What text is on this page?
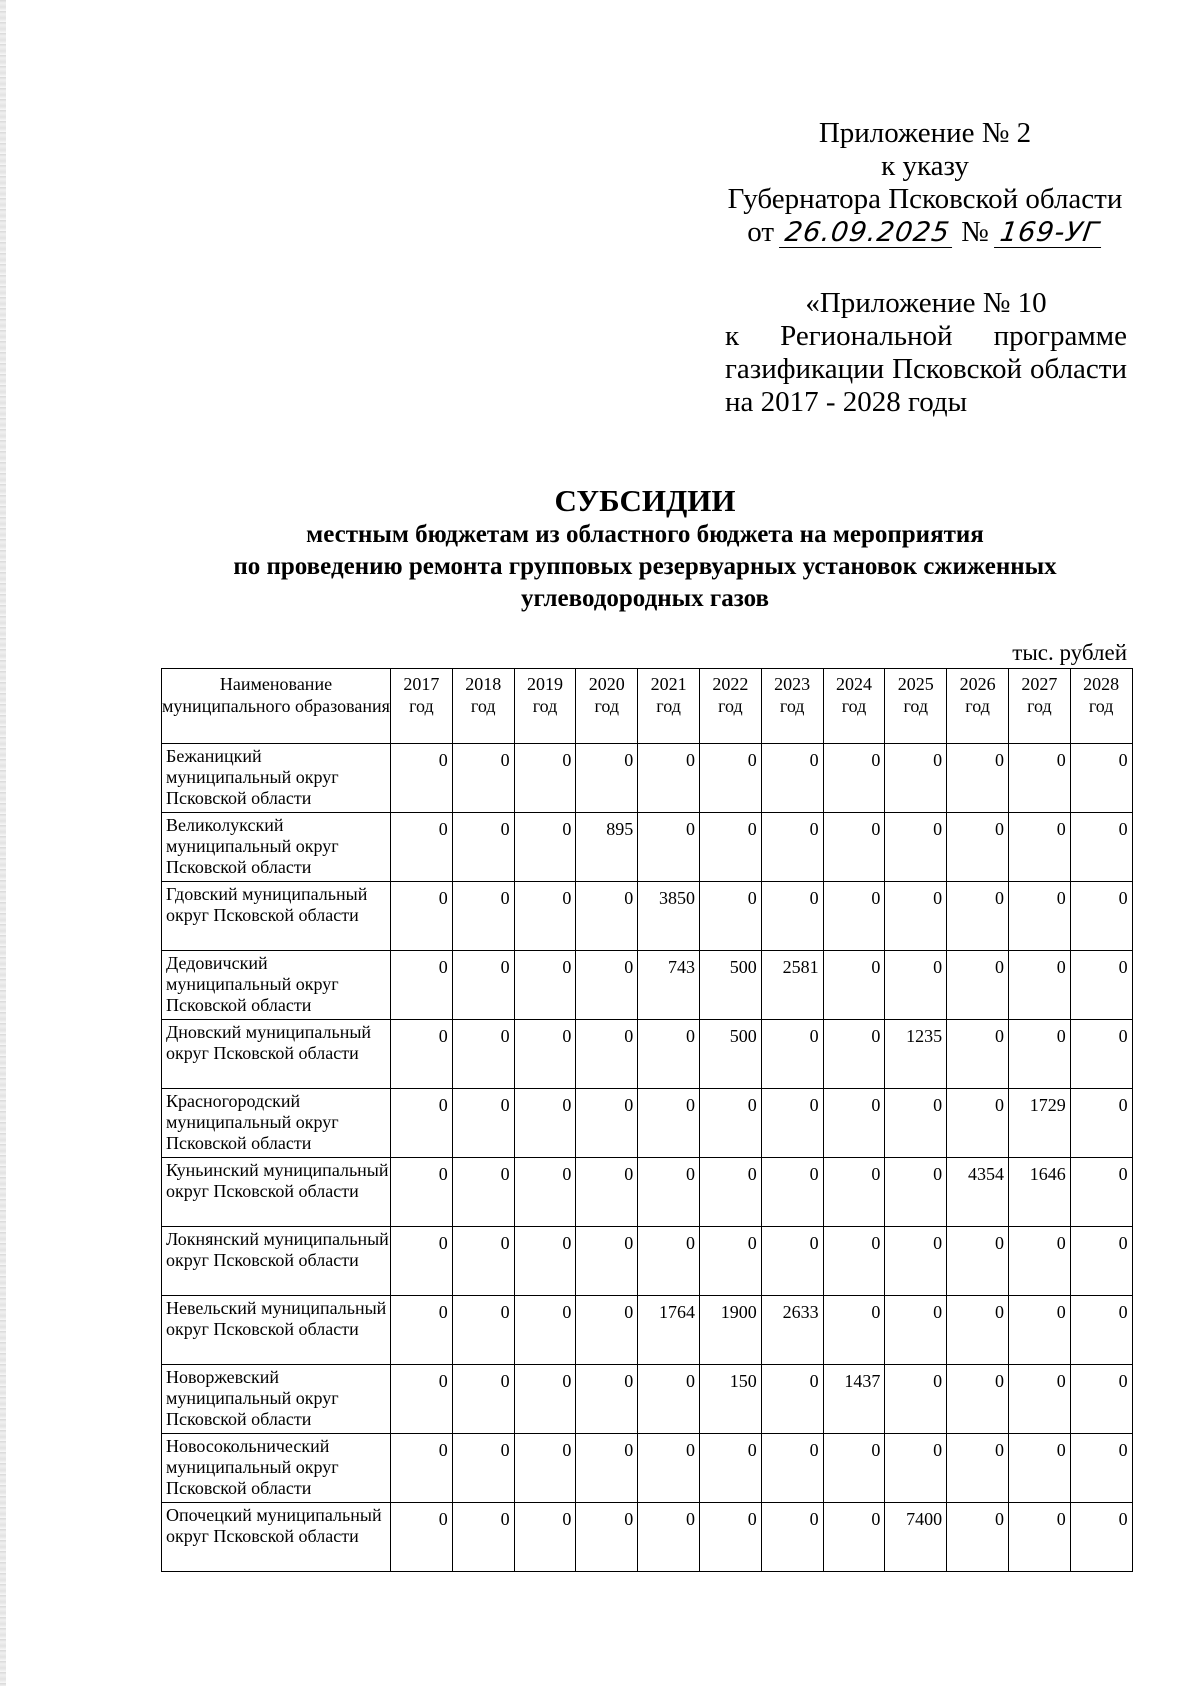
Приложение № 2
к указу
Губернатора Псковской области
от 26.09.2025 № 169-УГ
«Приложение № 10
к Региональной программе
газификации Псковской области
на 2017 - 2028 годы
СУБСИДИИ
местным бюджетам из областного бюджета на мероприятия
по проведению ремонта групповых резервуарных установок сжиженных
углеводородных газов
тыс. рублей
Наименование муниципального образования	2017 год	2018 год	2019 год	2020 год	2021 год	2022 год	2023 год	2024 год	2025 год	2026 год	2027 год	2028 год
Бежаницкий муниципальный округ Псковской области	0	0	0	0	0	0	0	0	0	0	0	0
Великолукский муниципальный округ Псковской области	0	0	0	895	0	0	0	0	0	0	0	0
Гдовский муниципальный округ Псковской области	0	0	0	0	3850	0	0	0	0	0	0	0
Дедовичский муниципальный округ Псковской области	0	0	0	0	743	500	2581	0	0	0	0	0
Дновский муниципальный округ Псковской области	0	0	0	0	0	500	0	0	1235	0	0	0
Красногородский муниципальный округ Псковской области	0	0	0	0	0	0	0	0	0	0	1729	0
Куньинский муниципальный округ Псковской области	0	0	0	0	0	0	0	0	0	4354	1646	0
Локнянский муниципальный округ Псковской области	0	0	0	0	0	0	0	0	0	0	0	0
Невельский муниципальный округ Псковской области	0	0	0	0	1764	1900	2633	0	0	0	0	0
Новоржевский муниципальный округ Псковской области	0	0	0	0	0	150	0	1437	0	0	0	0
Новосокольнический муниципальный округ Псковской области	0	0	0	0	0	0	0	0	0	0	0	0
Опочецкий муниципальный округ Псковской области	0	0	0	0	0	0	0	0	7400	0	0	0
